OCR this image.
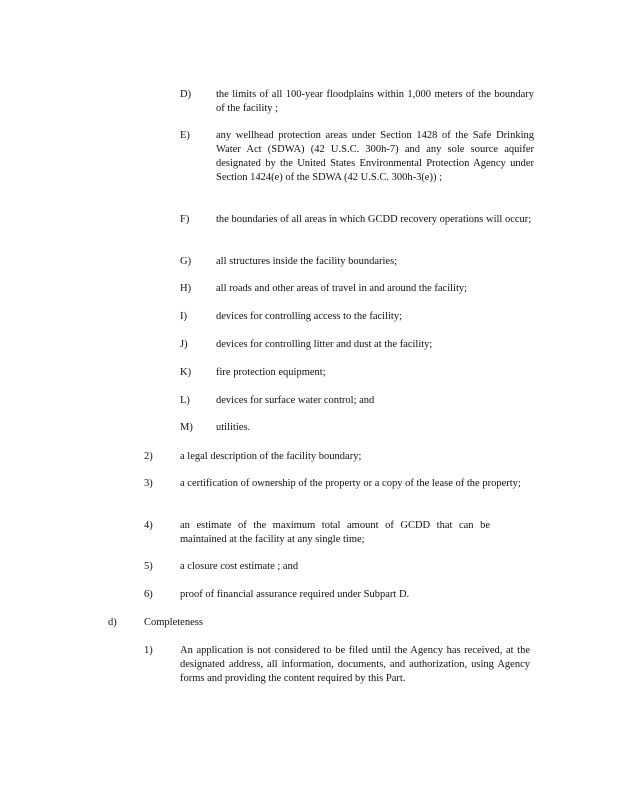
D) the limits of all 100-year floodplains within 1,000 meters of the boundary of the facility ;
E) any wellhead protection areas under Section 1428 of the Safe Drinking Water Act (SDWA) (42 U.S.C. 300h-7) and any sole source aquifer designated by the United States Environmental Protection Agency under Section 1424(e) of the SDWA (42 U.S.C. 300h-3(e)) ;
F)	the boundaries of all areas in which GCDD recovery operations will occur;
G) all structures inside the facility boundaries;
H) all roads and other areas of travel in and around the facility;
I)	devices for controlling access to the facility;
J)	devices for controlling litter and dust at the facility;
K) fire protection equipment;
L) devices for surface water control; and
M) utilities.
2)	a legal description of the facility boundary;
3)	a certification of ownership of the property or a copy of the lease of the property;
4)	an estimate of the maximum total amount of GCDD that can be maintained at the facility at any single time;
5)	a closure cost estimate ; and
6)	proof of financial assurance required under Subpart D.
d)	Completeness
1)	An application is not considered to be filed until the Agency has received, at the designated address, all information, documents, and authorization, using Agency forms and providing the content required by this Part.
